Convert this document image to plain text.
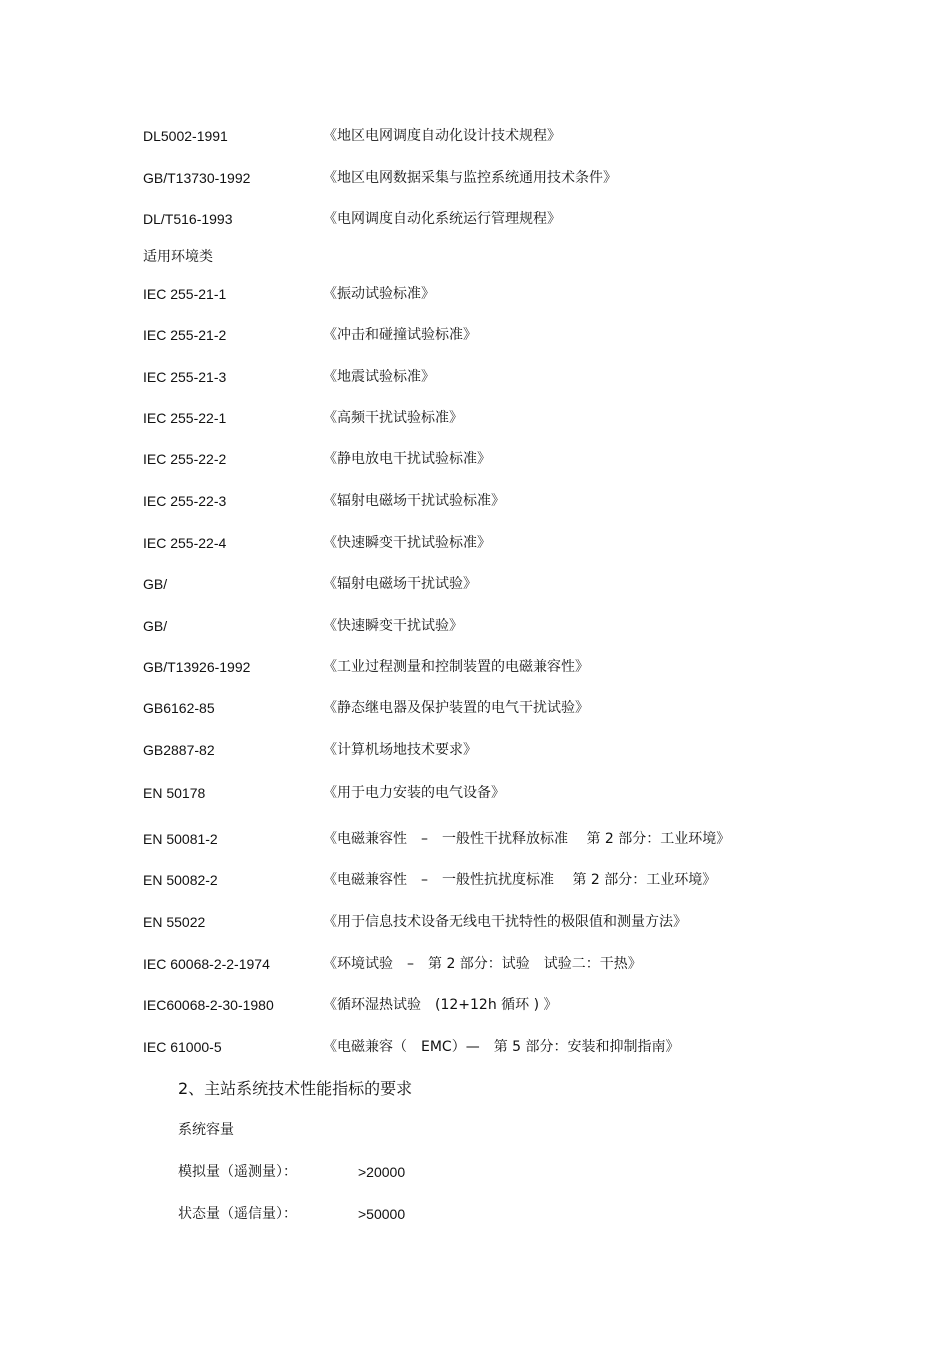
DL5002-1991	《地区电网调度自动化设计技术规程》
GB/T13730-1992	《地区电网数据采集与监控系统通用技术条件》
DL/T516-1993	《电网调度自动化系统运行管理规程》
适用环境类
IEC 255-21-1	《振动试验标准》
IEC 255-21-2	《冲击和碰撞试验标准》
IEC 255-21-3	《地震试验标准》
IEC 255-22-1	《高频干扰试验标准》
IEC 255-22-2	《静电放电干扰试验标准》
IEC 255-22-3	《辐射电磁场干扰试验标准》
IEC 255-22-4	《快速瞬变干扰试验标准》
GB/	《辐射电磁场干扰试验》
GB/	《快速瞬变干扰试验》
GB/T13926-1992	《工业过程测量和控制装置的电磁兼容性》
GB6162-85	《静态继电器及保护装置的电气干扰试验》
GB2887-82	《计算机场地技术要求》
EN 50178	《用于电力安装的电气设备》
EN 50081-2	《电磁兼容性　–　一般性干扰释放标准　 第 2 部分：工业环境》
EN 50082-2	《电磁兼容性　–　一般性抗扰度标准　 第 2 部分：工业环境》
EN 55022	《用于信息技术设备无线电干扰特性的极限值和测量方法》
IEC 60068-2-2-1974	《环境试验　–　第 2 部分：试验　试验二：干热》
IEC60068-2-30-1980	《循环湿热试验　(12+12h 循环 ) 》
IEC 61000-5	《电磁兼容（　EMC）—　第 5 部分：安装和抑制指南》
2、主站系统技术性能指标的要求
系统容量
模拟量（遥测量）：	>20000
状态量（遥信量）：	>50000
